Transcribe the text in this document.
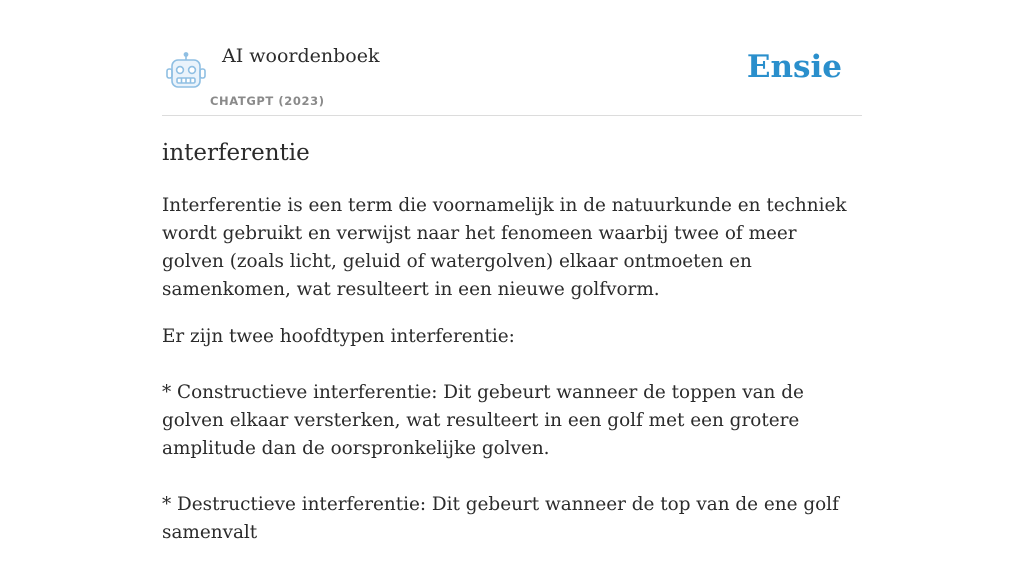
AI woordenboek
CHATGPT (2023)
Ensie
interferentie

Interferentie is een term die voornamelijk in de natuurkunde en techniek wordt gebruikt en verwijst naar het fenomeen waarbij twee of meer golven (zoals licht, geluid of watergolven) elkaar ontmoeten en samenkomen, wat resulteert in een nieuwe golfvorm.

Er zijn twee hoofdtypen interferentie:

* Constructieve interferentie: Dit gebeurt wanneer de toppen van de golven elkaar versterken, wat resulteert in een golf met een grotere amplitude dan de oorspronkelijke golven.

* Destructieve interferentie: Dit gebeurt wanneer de top van de ene golf samenvalt
